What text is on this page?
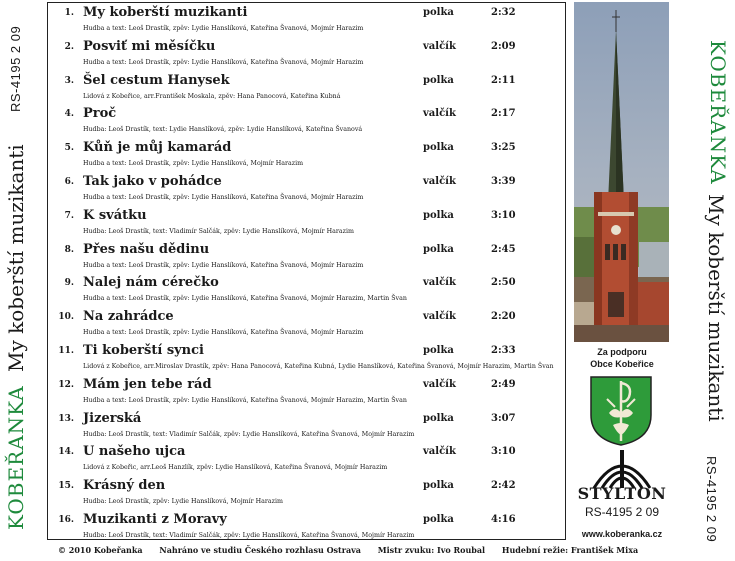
RS-4195 2 09
My koberští muzikanti
KOBEŘANKA
1. My koberští muzikanti	polka	2:32
Hudba a text: Leoš Drastík, zpěv: Lydie Hanslíková, Kateřina Švanová, Mojmír Harazim
2. Posviť mi měsíčku	valčík	2:09
Hudba a text: Leoš Drastík, zpěv: Lydie Hanslíková, Kateřina Švanová, Mojmír Harazim
3. Šel cestum Hanysek	polka	2:11
Lidová z Kobeřice, arr.František Moskala, zpěv: Hana Panocová, Kateřina Kubná
4. Proč	valčík	2:17
Hudba: Leoš Drastík, text: Lydie Hanslíková, zpěv: Lydie Hanslíková, Kateřina Švanová
5. Kůň je můj kamarád	polka	3:25
Hudba a text: Leoš Drastík, zpěv: Lydie Hanslíková, Mojmír Harazim
6. Tak jako v pohádce	valčík	3:39
Hudba a text: Leoš Drastík, zpěv: Lydie Hanslíková, Kateřina Švanová, Mojmír Harazim
7. K svátku	polka	3:10
Hudba: Leoš Drastík, text: Vladimír Salčák, zpěv: Lydie Hanslíková, Mojmír Harazim
8. Přes našu dědinu	polka	2:45
Hudba a text: Leoš Drastík, zpěv: Lydie Hanslíková, Kateřina Švanová, Mojmír Harazim
9. Nalej nám cérečko	valčík	2:50
Hudba a text: Leoš Drastík, zpěv: Lydie Hanslíková, Kateřina Švanová, Mojmír Harazim, Martin Švan
10. Na zahrádce	valčík	2:20
Hudba a text: Leoš Drastík, zpěv: Lydie Hanslíková, Kateřina Švanová, Mojmír Harazim
11. Ti koberští synci	polka	2:33
Lidová z Kobeřice, arr.Miroslav Drastík, zpěv: Hana Panocová, Kateřina Kubná, Lydie Hanslíková, Kateřina Švanová, Mojmír Harazim, Martin Švan
12. Mám jen tebe rád	valčík	2:49
Hudba a text: Leoš Drastík, zpěv: Lydie Hanslíková, Kateřina Švanová, Mojmír Harazim, Martin Švan
13. Jizerská	polka	3:07
Hudba: Leoš Drastík, text: Vladimír Salčák, zpěv: Lydie Hanslíková, Kateřina Švanová, Mojmír Harazim
14. U našeho ujca	valčík	3:10
Lidová z Kobeřic, arr.Leoš Hanzlík, zpěv: Lydie Hanslíková, Kateřina Švanová, Mojmír Harazim
15. Krásný den	polka	2:42
Hudba: Leoš Drastík, zpěv: Lydie Hanslíková, Mojmír Harazim
16. Muzikanti z Moravy	polka	4:16
Hudba: Leoš Drastík, text: Vladimír Salčák, zpěv: Lydie Hanslíková, Kateřina Švanová, Mojmír Harazim
© 2010 Kobeřanka Nahráno ve studiu Českého rozhlasu Ostrava Mistr zvuku: Ivo Roubal Hudební režie: František Mixa
Za podporu
Obce Kobeřice
STYLTON
RS-4195 2 09
www.koberanka.cz
KOBEŘANKA
My koberští muzikanti
RS-4195 2 09
